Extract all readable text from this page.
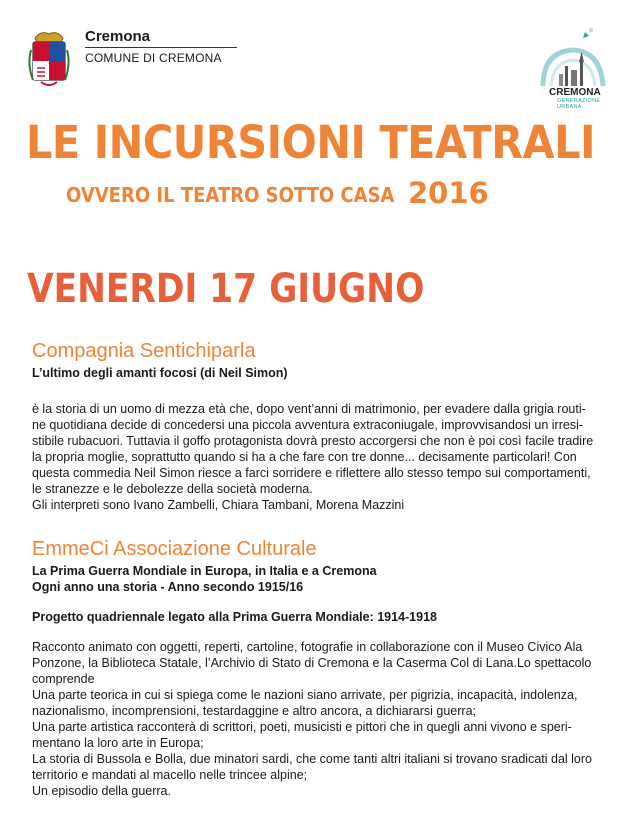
Cremona
COMUNE DI CREMONA
CREMONA
GENERAZIONE URBANA
LE INCURSIONI TEATRALI
OVVERO IL TEATRO SOTTO CASA 2016
VENERDI 17 GIUGNO
Compagnia Sentichiparla
L’ultimo degli amanti focosi (di Neil Simon)

è la storia di un uomo di mezza età che, dopo vent’anni di matrimonio, per evadere dalla grigia routi-

ne quotidiana decide di concedersi una piccola avventura extraconiugale, improvvisandosi un irresi-

stibile rubacuori. Tuttavia il goffo protagonista dovrà presto accorgersi che non è poi così facile tradire

la propria moglie, soprattutto quando si ha a che fare con tre donne... decisamente particolari! Con

questa commedia Neil Simon riesce a farci sorridere e riflettere allo stesso tempo sui comportamenti,

le stranezze e le debolezze della società moderna.

Gli interpreti sono Ivano Zambelli, Chiara Tambani, Morena Mazzini

EmmeCi Associazione Culturale
La Prima Guerra Mondiale in Europa, in Italia e a Cremona
Ogni anno una storia - Anno secondo 1915/16
Progetto quadriennale legato alla Prima Guerra Mondiale: 1914-1918

Racconto animato con oggetti, reperti, cartoline, fotografie in collaborazione con il Museo Civico Ala

Ponzone, la Biblioteca Statale, l’Archivio di Stato di Cremona e la Caserma Col di Lana.Lo spettacolo

comprende

Una parte teorica in cui si spiega come le nazioni siano arrivate, per pigrizia, incapacità, indolenza,

nazionalismo, incomprensioni, testardaggine e altro ancora, a dichiararsi guerra;

Una parte artistica racconterà di scrittori, poeti, musicisti e pittori che in quegli anni vivono e speri-

mentano la loro arte in Europa;

La storia di Bussola e Bolla, due minatori sardi, che come tanti altri italiani si trovano sradicati dal loro

territorio e mandati al macello nelle trincee alpine;

Un episodio della guerra.
